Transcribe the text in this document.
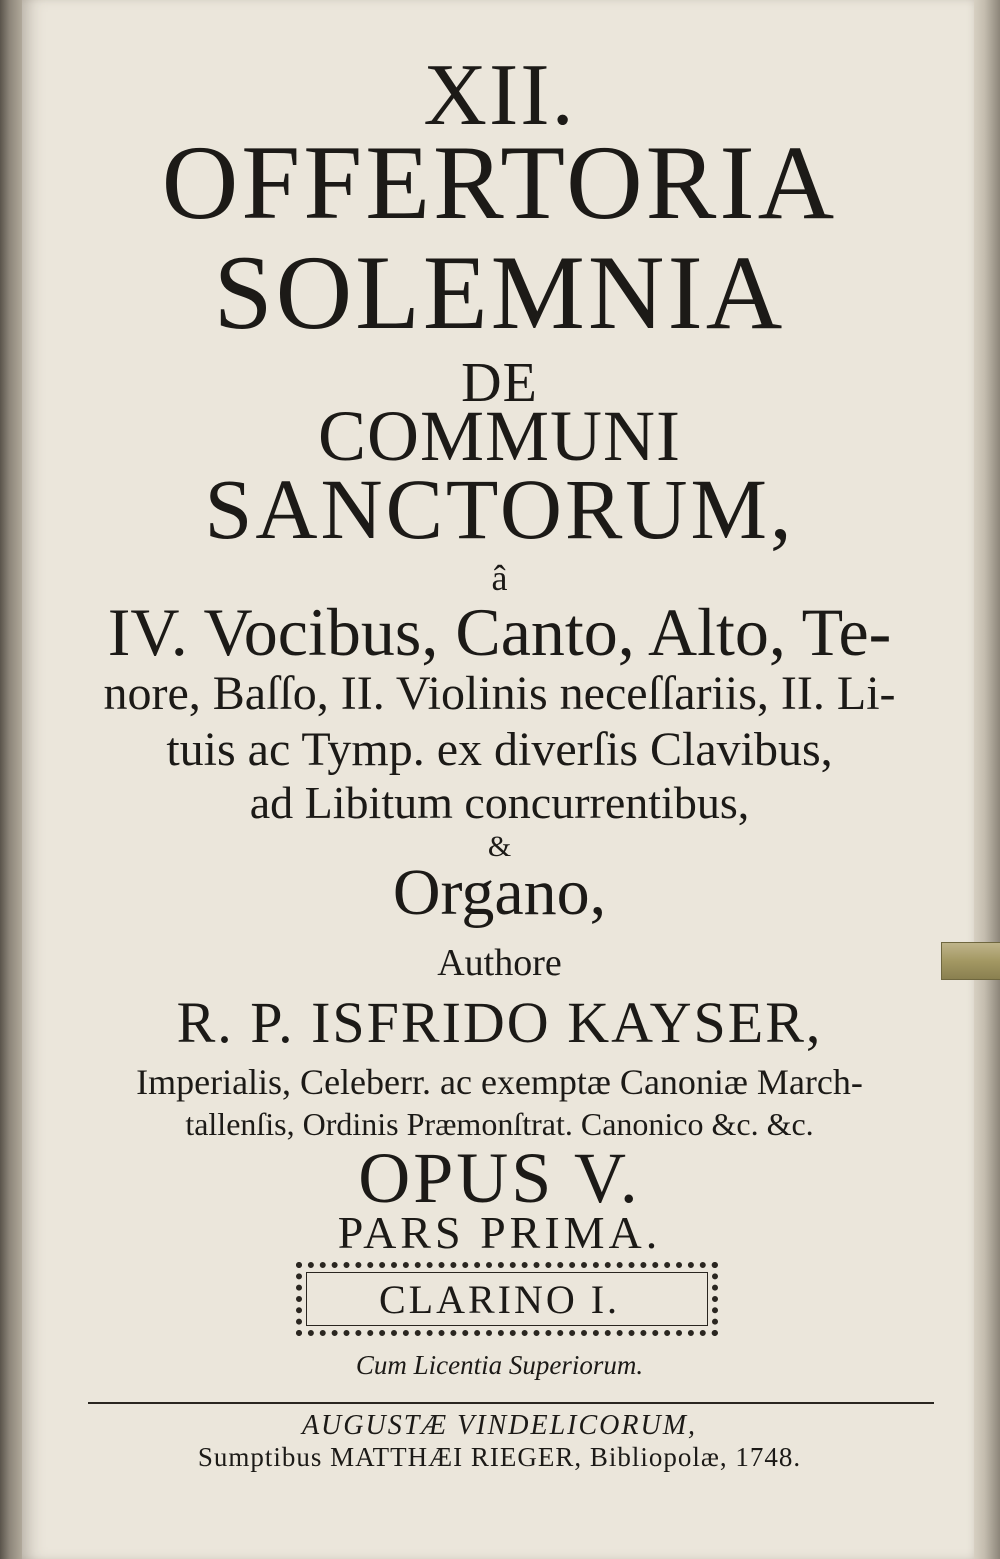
XII.

OFFERTORIA

SOLEMNIA

DE

COMMUNI

SANCTORUM,

â

IV. Vocibus, Canto, Alto, Te-

nore, Baſſo, II. Violinis neceſſariis, II. Li-

tuis ac Tymp. ex diverſis Clavibus,

ad Libitum concurrentibus,

&

Organo,

Authore

R. P. ISFRIDO KAYSER,

Imperialis, Celeberr. ac exemptæ Canoniæ March-

tallenſis, Ordinis Præmonſtrat. Canonico &c. &c.

OPUS V.

PARS PRIMA.

CLARINO I.

Cum Licentia Superiorum.

AUGUSTÆ VINDELICORUM,

Sumptibus MATTHÆI RIEGER, Bibliopolæ, 1748.
